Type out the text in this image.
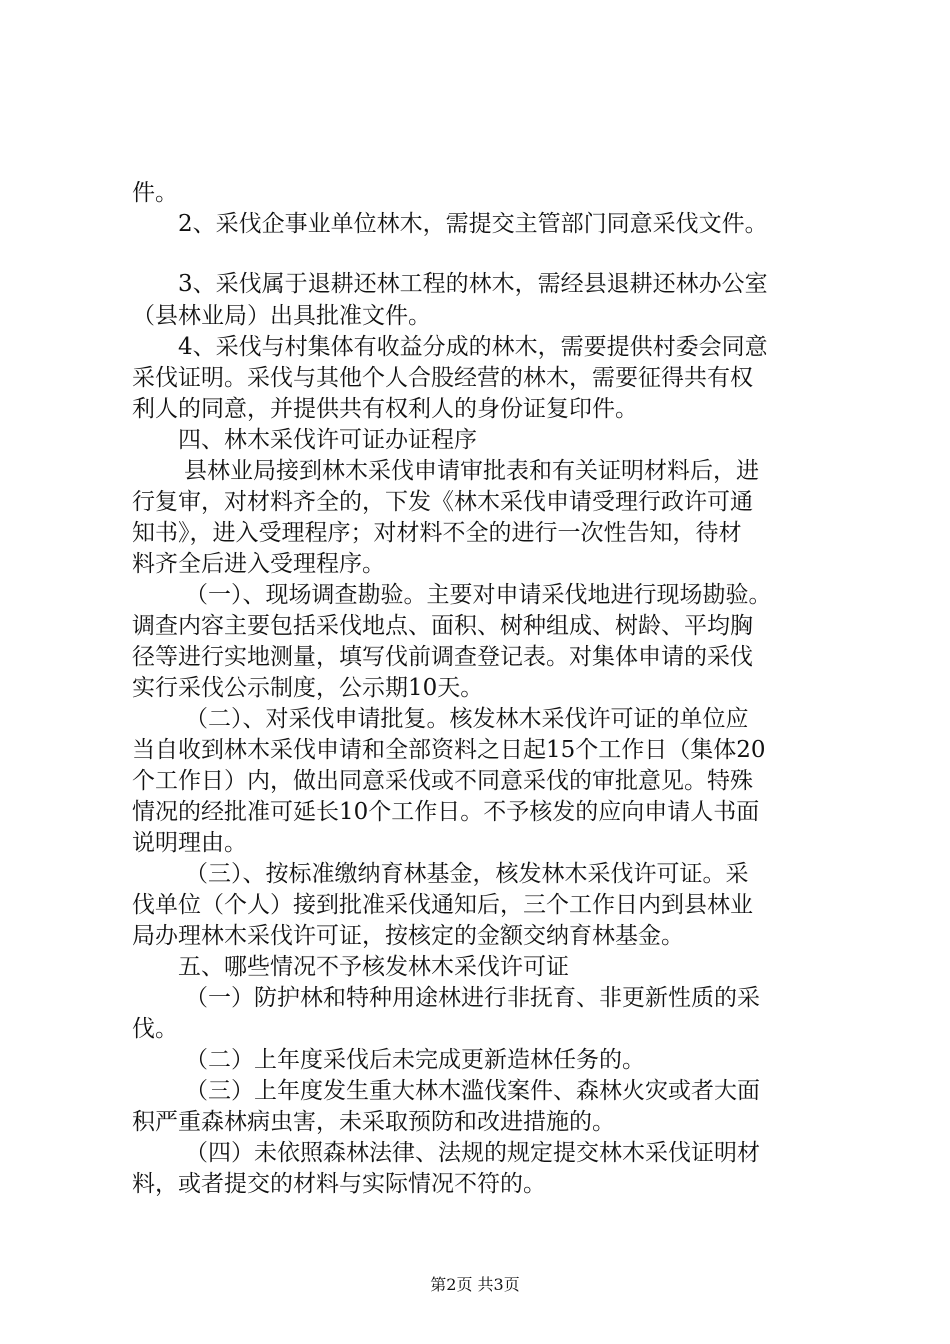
件。
2、采伐企事业单位林木，需提交主管部门同意采伐文件。
3、采伐属于退耕还林工程的林木，需经县退耕还林办公室
（县林业局）出具批准文件。
4、采伐与村集体有收益分成的林木，需要提供村委会同意
采伐证明。采伐与其他个人合股经营的林木，需要征得共有权
利人的同意，并提供共有权利人的身份证复印件。
四、林木采伐许可证办证程序
县林业局接到林木采伐申请审批表和有关证明材料后，进
行复审，对材料齐全的，下发《林木采伐申请受理行政许可通
知书》，进入受理程序；对材料不全的进行一次性告知，待材
料齐全后进入受理程序。
（一）、现场调查勘验。主要对申请采伐地进行现场勘验。
调查内容主要包括采伐地点、面积、树种组成、树龄、平均胸
径等进行实地测量，填写伐前调查登记表。对集体申请的采伐
实行采伐公示制度，公示期10天。
（二）、对采伐申请批复。核发林木采伐许可证的单位应
当自收到林木采伐申请和全部资料之日起15个工作日（集体20
个工作日）内，做出同意采伐或不同意采伐的审批意见。特殊
情况的经批准可延长10个工作日。不予核发的应向申请人书面
说明理由。
（三）、按标准缴纳育林基金，核发林木采伐许可证。采
伐单位（个人）接到批准采伐通知后，三个工作日内到县林业
局办理林木采伐许可证，按核定的金额交纳育林基金。
五、哪些情况不予核发林木采伐许可证
（一）防护林和特种用途林进行非抚育、非更新性质的采
伐。
（二）上年度采伐后未完成更新造林任务的。
（三）上年度发生重大林木滥伐案件、森林火灾或者大面
积严重森林病虫害，未采取预防和改进措施的。
（四）未依照森林法律、法规的规定提交林木采伐证明材
料，或者提交的材料与实际情况不符的。
第2页 共3页
